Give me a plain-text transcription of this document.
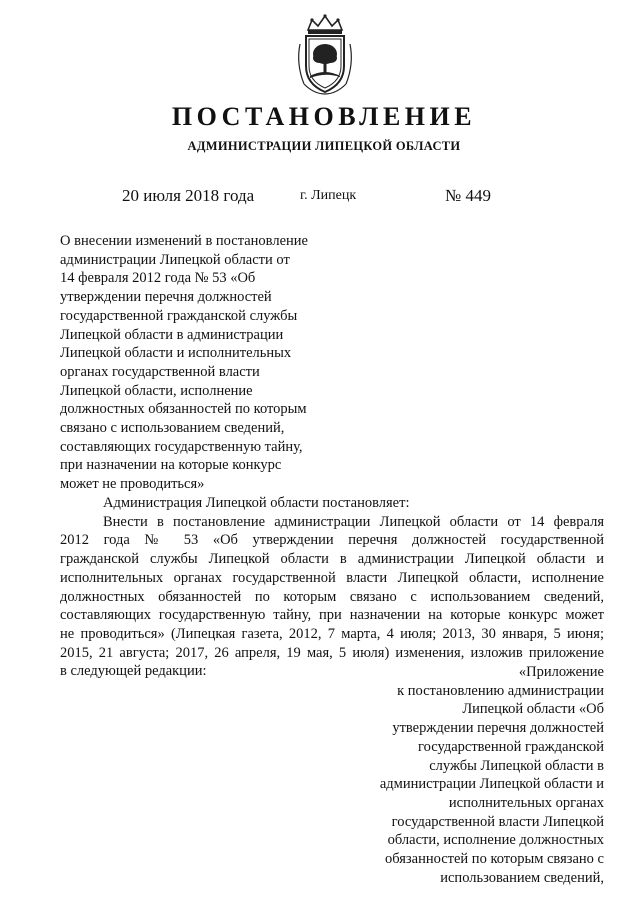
ПОСТАНОВЛЕНИЕ
АДМИНИСТРАЦИИ ЛИПЕЦКОЙ ОБЛАСТИ
20 июля 2018 года	г. Липецк	№ 449
О внесении изменений в постановление
администрации Липецкой области от
14 февраля 2012 года № 53 «Об
утверждении перечня должностей
государственной гражданской службы
Липецкой области в администрации
Липецкой области и исполнительных
органах государственной власти
Липецкой области, исполнение
должностных обязанностей по которым
связано с использованием сведений,
составляющих государственную тайну,
при назначении на которые конкурс
может не проводиться»
Администрация Липецкой области постановляет:
Внести в постановление администрации Липецкой области от 14 февраля
2012 года № 53 «Об утверждении перечня должностей государственной
гражданской службы Липецкой области в администрации Липецкой области и
исполнительных органах государственной власти Липецкой области, исполнение
должностных обязанностей по которым связано с использованием сведений,
составляющих государственную тайну, при назначении на которые конкурс может
не проводиться» (Липецкая газета, 2012, 7 марта, 4 июля; 2013, 30 января, 5 июня;
2015, 21 августа; 2017, 26 апреля, 19 мая, 5 июля) изменения, изложив приложение
в следующей редакции:	«Приложение
к постановлению администрации
Липецкой области «Об
утверждении перечня должностей
государственной гражданской
службы Липецкой области в
администрации Липецкой области и
исполнительных органах
государственной власти Липецкой
области, исполнение должностных
обязанностей по которым связано с
использованием сведений,
